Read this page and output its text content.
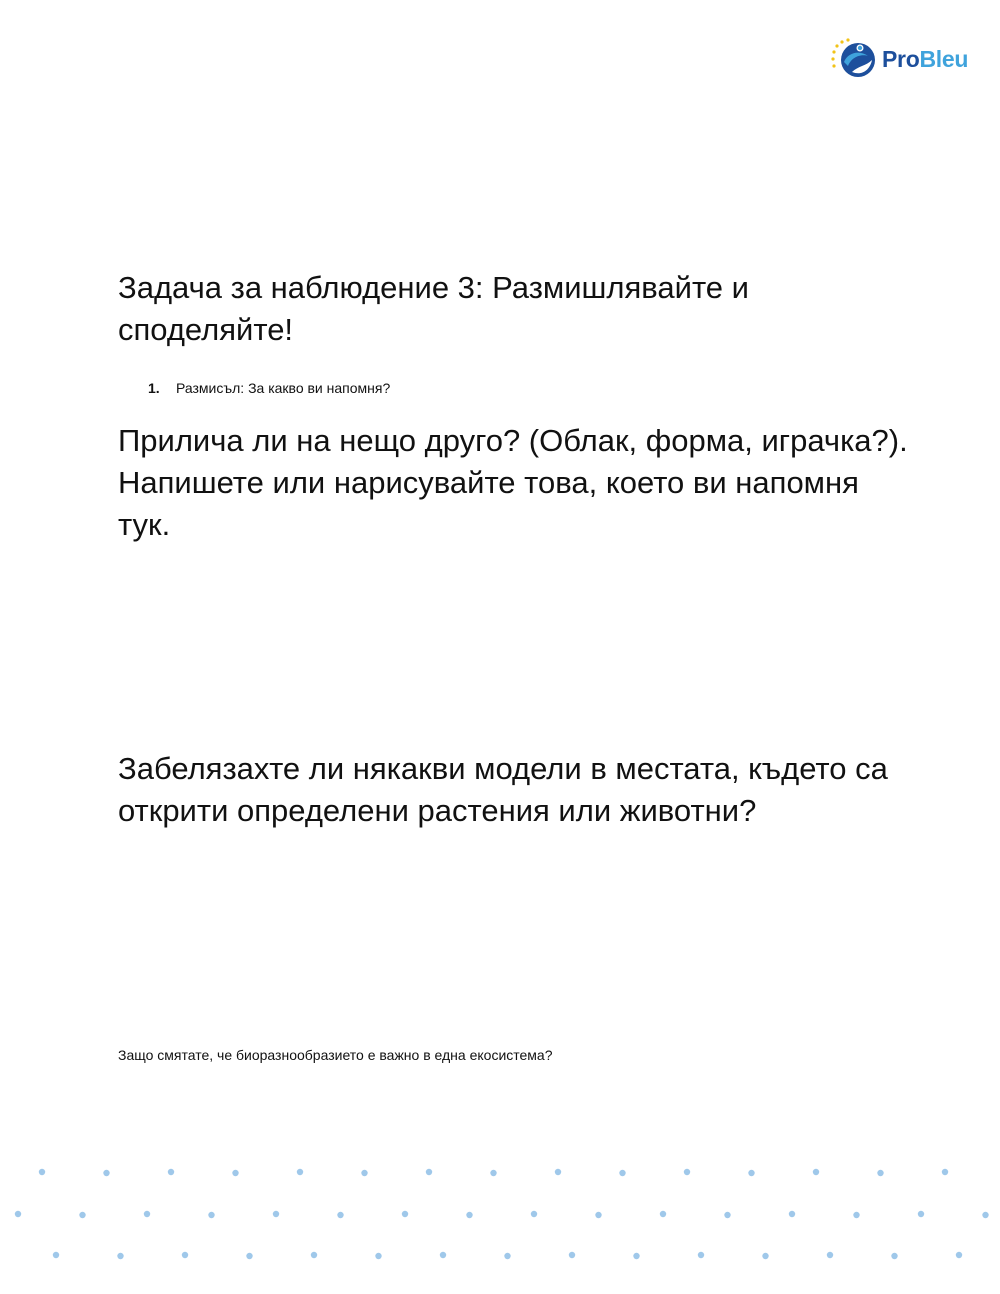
ProBleu
Задача за наблюдение 3: Размишлявайте и споделяйте!
1. Размисъл: За какво ви напомня?
Прилича ли на нещо друго? (Облак, форма, играчка?). Напишете или нарисувайте това, което ви напомня тук.
Забелязахте ли някакви модели в местата, където са открити определени растения или животни?

Защо смятате, че биоразнообразието е важно в една екосистема?
